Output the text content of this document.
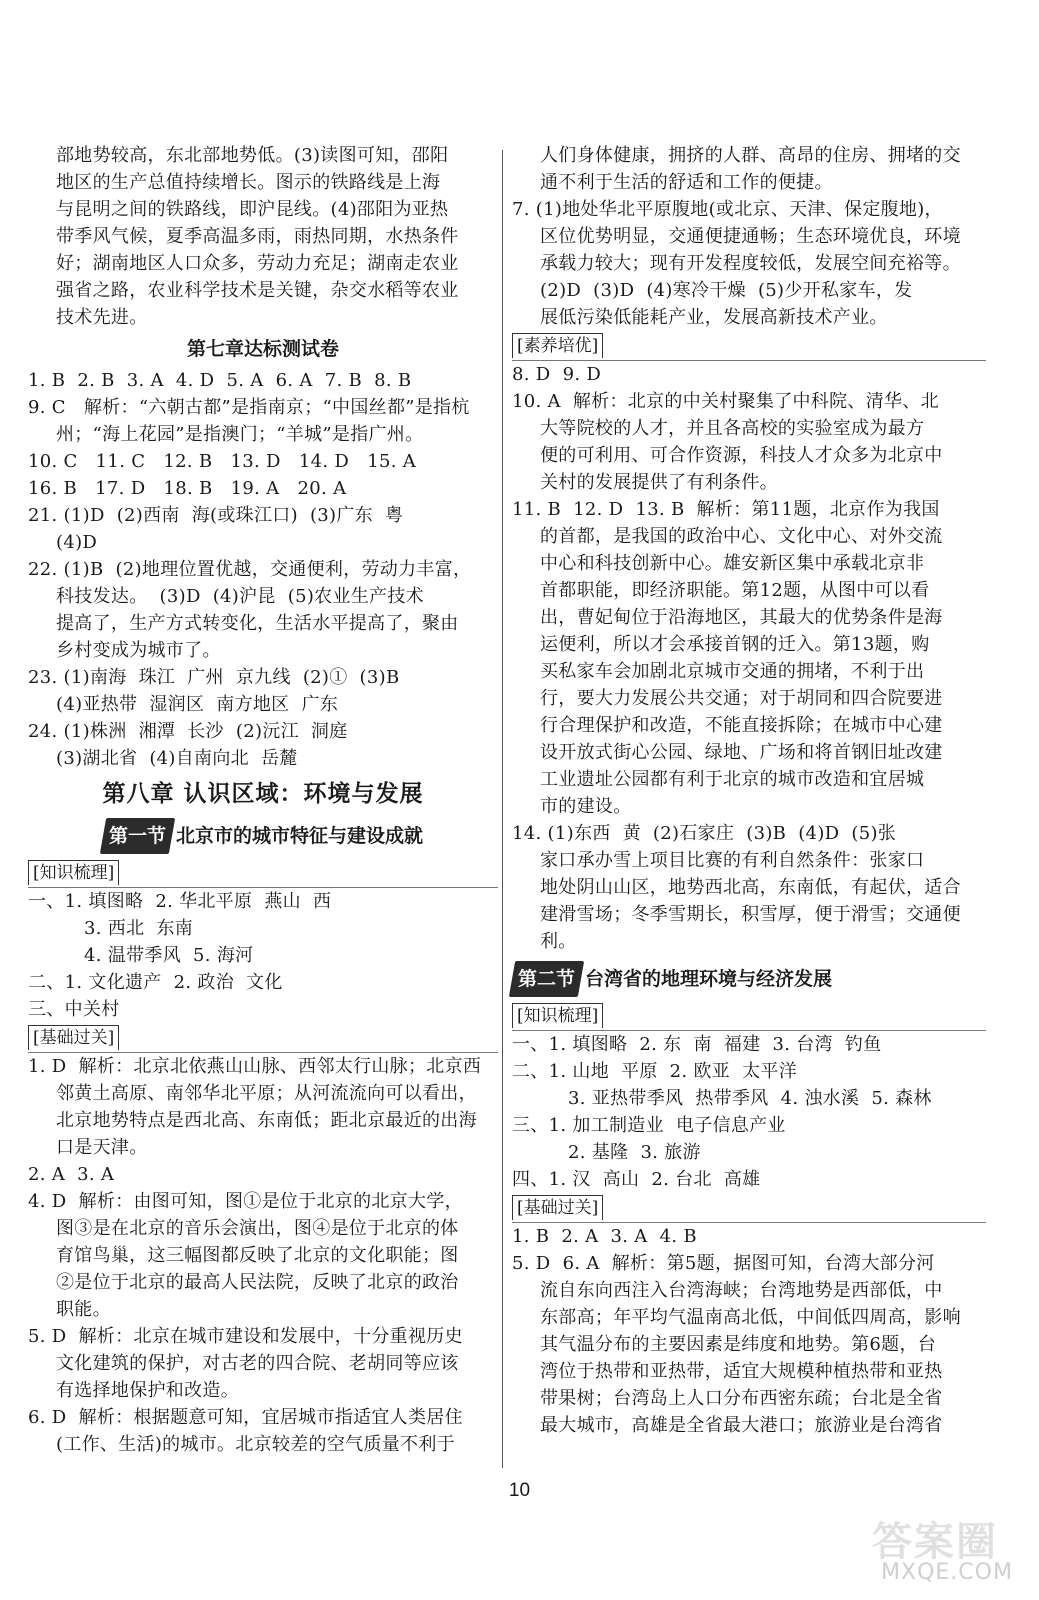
部地势较高，东北部地势低。(3)读图可知，邵阳
地区的生产总值持续增长。图示的铁路线是上海
与昆明之间的铁路线，即沪昆线。(4)邵阳为亚热
带季风气候，夏季高温多雨，雨热同期，水热条件
好；湖南地区人口众多，劳动力充足；湖南走农业
强省之路，农业科学技术是关键，杂交水稻等农业
技术先进。
第七章达标测试卷
1. B  2. B  3. A  4. D  5. A  6. A  7. B  8. B
9. C   解析：“六朝古都”是指南京；“中国丝都”是指杭
州；“海上花园”是指澳门；“羊城”是指广州。
10. C   11. C   12. B   13. D   14. D   15. A
16. B   17. D   18. B   19. A   20. A
21. (1)D  (2)西南  海(或珠江口)  (3)广东  粤
(4)D
22. (1)B  (2)地理位置优越，交通便利，劳动力丰富，
科技发达。  (3)D  (4)沪昆  (5)农业生产技术
提高了，生产方式转变化，生活水平提高了，聚由
乡村变成为城市了。
23. (1)南海  珠江  广州  京九线  (2)①  (3)B
(4)亚热带  湿润区  南方地区  广东
24. (1)株洲  湘潭  长沙  (2)沅江  洞庭
(3)湖北省  (4)自南向北  岳麓
第八章 认识区域：环境与发展
第一节 北京市的城市特征与建设成就
[知识梳理]
一、1. 填图略  2. 华北平原  燕山  西
3. 西北  东南
4. 温带季风  5. 海河
二、1. 文化遗产  2. 政治  文化
三、中关村
[基础过关]
1. D  解析：北京北依燕山山脉、西邻太行山脉；北京西
邻黄土高原、南邻华北平原；从河流流向可以看出，
北京地势特点是西北高、东南低；距北京最近的出海
口是天津。
2. A  3. A
4. D  解析：由图可知，图①是位于北京的北京大学，
图③是在北京的音乐会演出，图④是位于北京的体
育馆鸟巢，这三幅图都反映了北京的文化职能；图
②是位于北京的最高人民法院，反映了北京的政治
职能。
5. D  解析：北京在城市建设和发展中，十分重视历史
文化建筑的保护，对古老的四合院、老胡同等应该
有选择地保护和改造。
6. D  解析：根据题意可知，宜居城市指适宜人类居住
(工作、生活)的城市。北京较差的空气质量不利于
人们身体健康，拥挤的人群、高昂的住房、拥堵的交
通不利于生活的舒适和工作的便捷。
7. (1)地处华北平原腹地(或北京、天津、保定腹地)，
区位优势明显，交通便捷通畅；生态环境优良，环境
承载力较大；现有开发程度较低，发展空间充裕等。
(2)D  (3)D  (4)寒冷干燥  (5)少开私家车，发
展低污染低能耗产业，发展高新技术产业。
[素养培优]
8. D  9. D
10. A  解析：北京的中关村聚集了中科院、清华、北
大等院校的人才，并且各高校的实验室成为最方
便的可利用、可合作资源，科技人才众多为北京中
关村的发展提供了有利条件。
11. B  12. D  13. B  解析：第11题，北京作为我国
的首都，是我国的政治中心、文化中心、对外交流
中心和科技创新中心。雄安新区集中承载北京非
首都职能，即经济职能。第12题，从图中可以看
出，曹妃甸位于沿海地区，其最大的优势条件是海
运便利，所以才会承接首钢的迁入。第13题，购
买私家车会加剧北京城市交通的拥堵，不利于出
行，要大力发展公共交通；对于胡同和四合院要进
行合理保护和改造，不能直接拆除；在城市中心建
设开放式街心公园、绿地、广场和将首钢旧址改建
工业遗址公园都有利于北京的城市改造和宜居城
市的建设。
14. (1)东西  黄  (2)石家庄  (3)B  (4)D  (5)张
家口承办雪上项目比赛的有利自然条件：张家口
地处阴山山区，地势西北高，东南低，有起伏，适合
建滑雪场；冬季雪期长，积雪厚，便于滑雪；交通便
利。
第二节 台湾省的地理环境与经济发展
[知识梳理]
一、1. 填图略  2. 东  南  福建  3. 台湾  钓鱼
二、1. 山地  平原  2. 欧亚  太平洋
3. 亚热带季风  热带季风  4. 浊水溪  5. 森林
三、1. 加工制造业  电子信息产业
2. 基隆  3. 旅游
四、1. 汉  高山  2. 台北  高雄
[基础过关]
1. B  2. A  3. A  4. B
5. D  6. A  解析：第5题，据图可知，台湾大部分河
流自东向西注入台湾海峡；台湾地势是西部低，中
东部高；年平均气温南高北低，中间低四周高，影响
其气温分布的主要因素是纬度和地势。第6题，台
湾位于热带和亚热带，适宜大规模种植热带和亚热
带果树；台湾岛上人口分布西密东疏；台北是全省
最大城市，高雄是全省最大港口；旅游业是台湾省
10
答案圈
MXQE.COM
